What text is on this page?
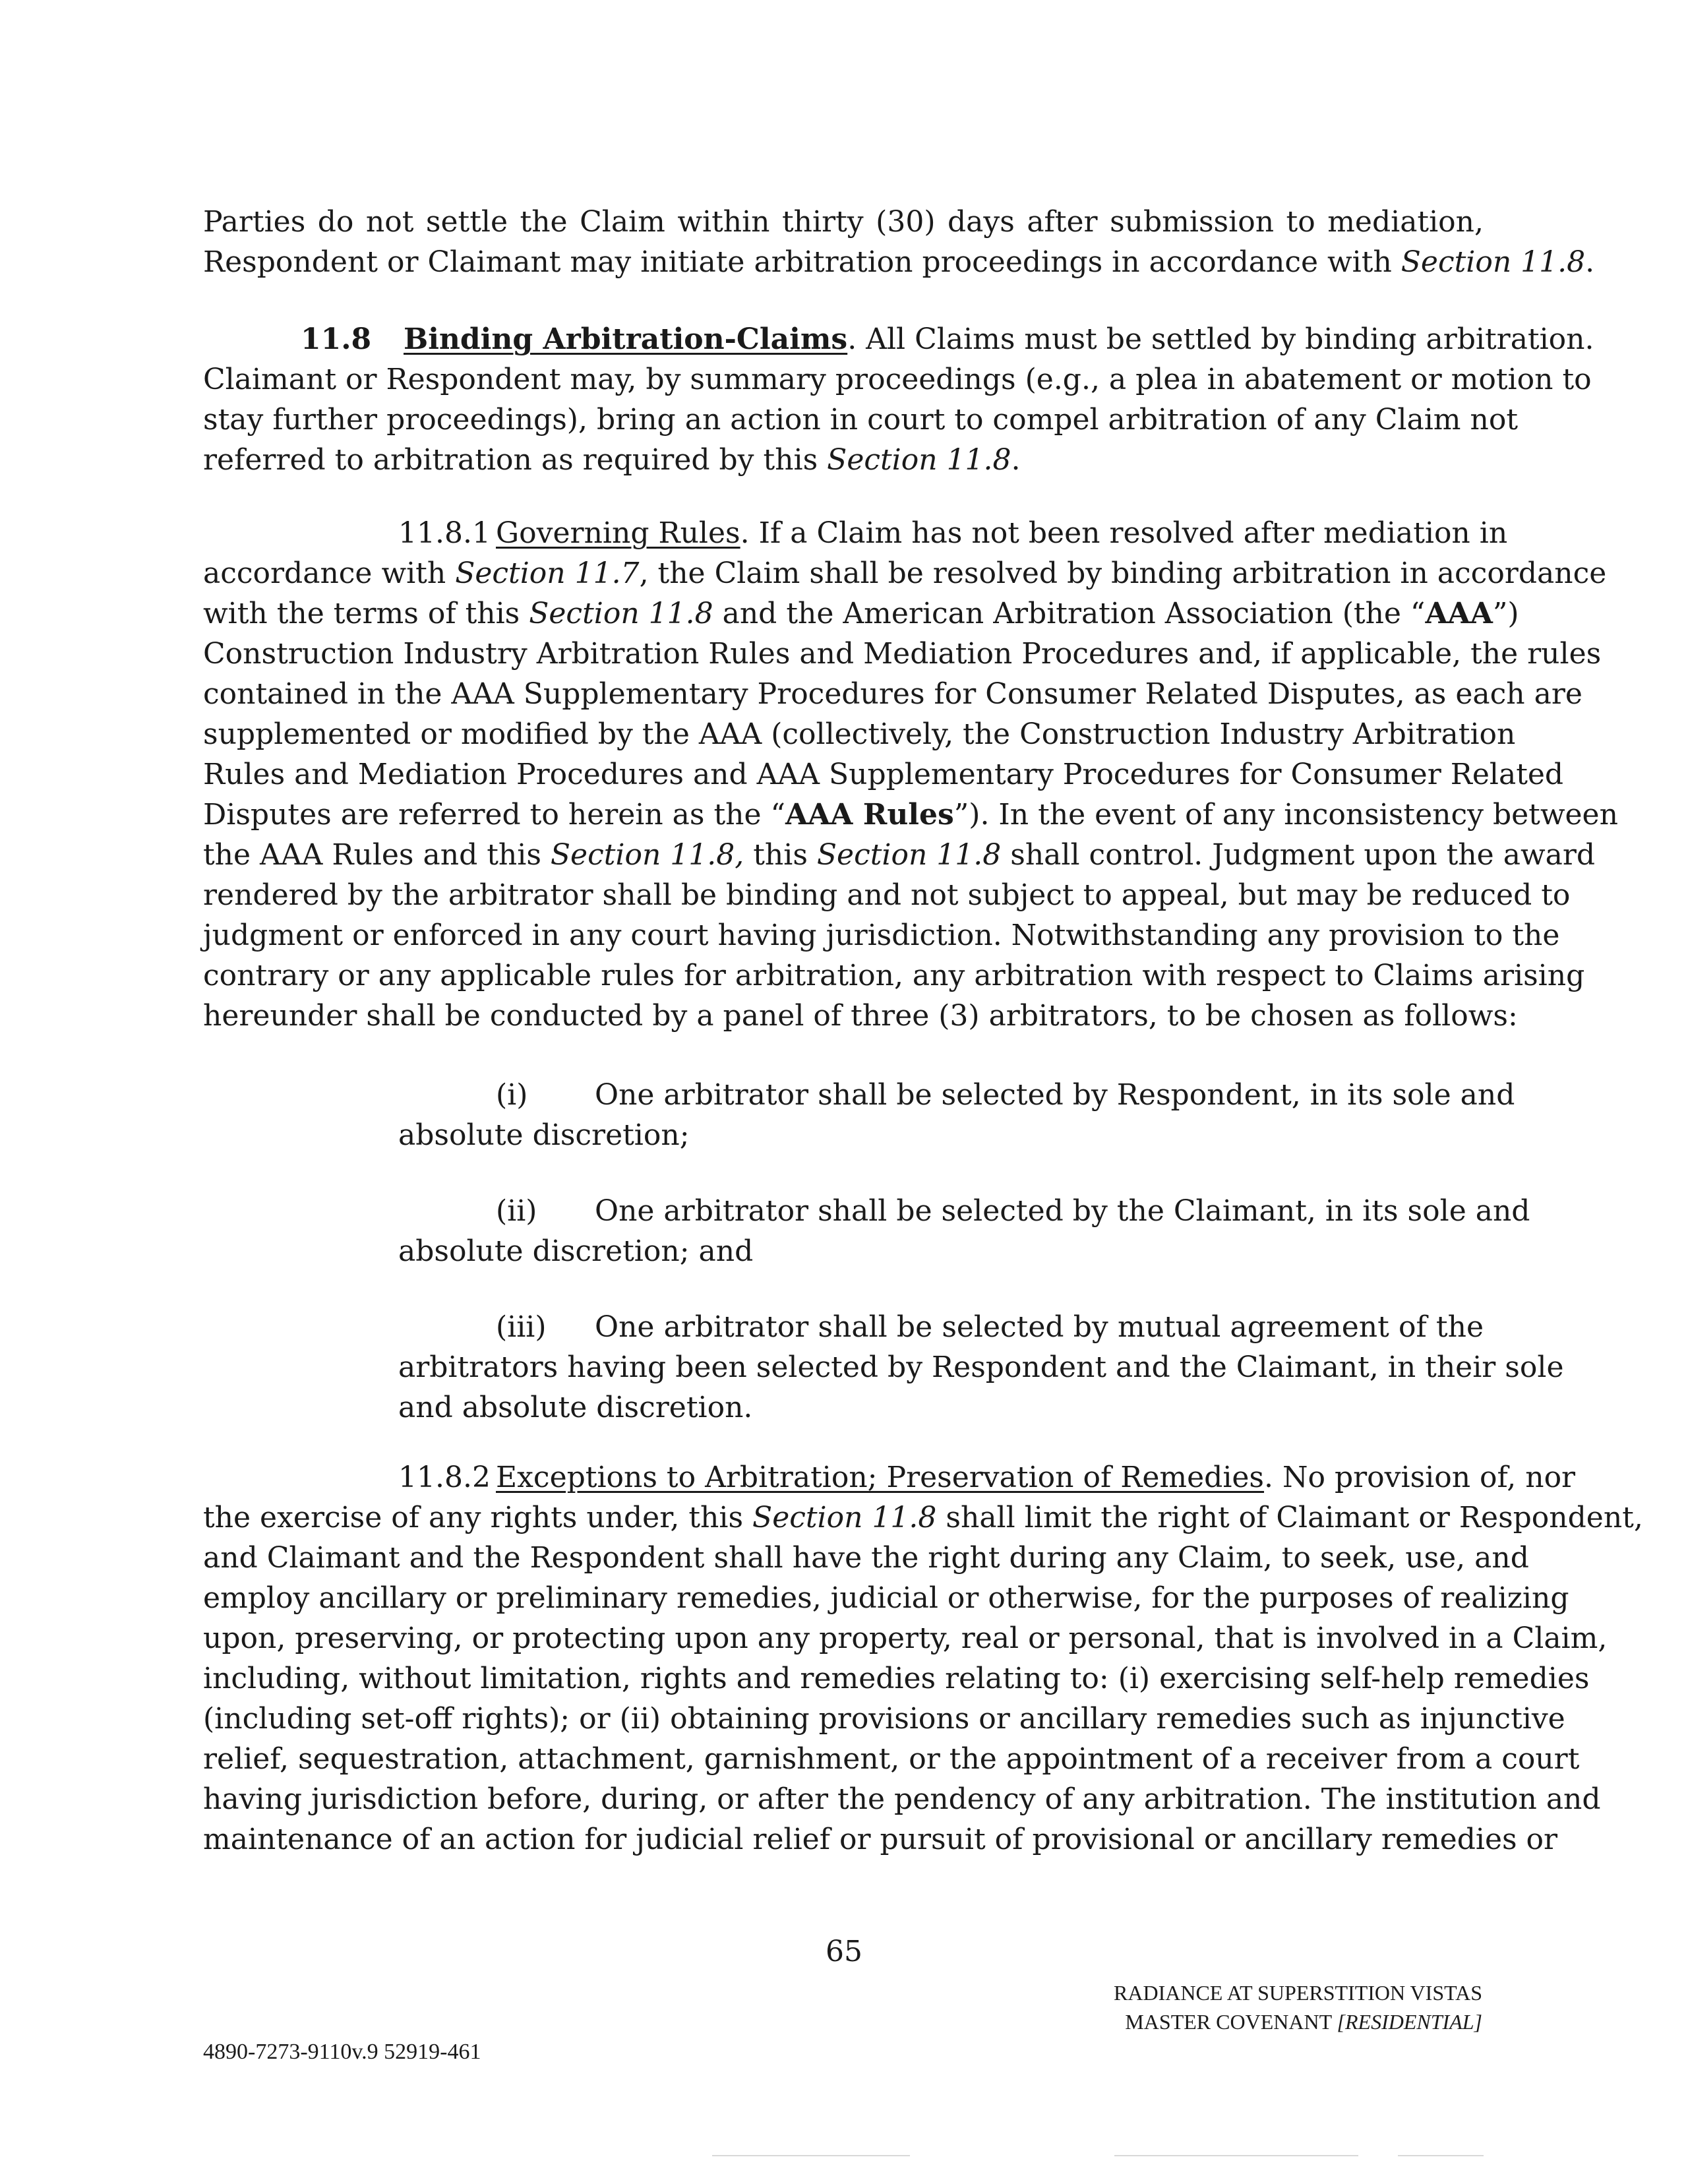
Parties do not settle the Claim within thirty (30) days after submission to mediation,
Respondent or Claimant may initiate arbitration proceedings in accordance with Section 11.8.

11.8 Binding Arbitration-Claims. All Claims must be settled by binding arbitration.
Claimant or Respondent may, by summary proceedings (e.g., a plea in abatement or motion to
stay further proceedings), bring an action in court to compel arbitration of any Claim not
referred to arbitration as required by this Section 11.8.

11.8.1 Governing Rules. If a Claim has not been resolved after mediation in
accordance with Section 11.7, the Claim shall be resolved by binding arbitration in accordance
with the terms of this Section 11.8 and the American Arbitration Association (the “AAA”)
Construction Industry Arbitration Rules and Mediation Procedures and, if applicable, the rules
contained in the AAA Supplementary Procedures for Consumer Related Disputes, as each are
supplemented or modified by the AAA (collectively, the Construction Industry Arbitration
Rules and Mediation Procedures and AAA Supplementary Procedures for Consumer Related
Disputes are referred to herein as the “AAA Rules”). In the event of any inconsistency between
the AAA Rules and this Section 11.8, this Section 11.8 shall control. Judgment upon the award
rendered by the arbitrator shall be binding and not subject to appeal, but may be reduced to
judgment or enforced in any court having jurisdiction. Notwithstanding any provision to the
contrary or any applicable rules for arbitration, any arbitration with respect to Claims arising
hereunder shall be conducted by a panel of three (3) arbitrators, to be chosen as follows:

(i) One arbitrator shall be selected by Respondent, in its sole and
absolute discretion;

(ii) One arbitrator shall be selected by the Claimant, in its sole and
absolute discretion; and

(iii) One arbitrator shall be selected by mutual agreement of the
arbitrators having been selected by Respondent and the Claimant, in their sole
and absolute discretion.

11.8.2 Exceptions to Arbitration; Preservation of Remedies. No provision of, nor
the exercise of any rights under, this Section 11.8 shall limit the right of Claimant or Respondent,
and Claimant and the Respondent shall have the right during any Claim, to seek, use, and
employ ancillary or preliminary remedies, judicial or otherwise, for the purposes of realizing
upon, preserving, or protecting upon any property, real or personal, that is involved in a Claim,
including, without limitation, rights and remedies relating to: (i) exercising self-help remedies
(including set-off rights); or (ii) obtaining provisions or ancillary remedies such as injunctive
relief, sequestration, attachment, garnishment, or the appointment of a receiver from a court
having jurisdiction before, during, or after the pendency of any arbitration. The institution and
maintenance of an action for judicial relief or pursuit of provisional or ancillary remedies or

65
RADIANCE AT SUPERSTITION VISTAS
MASTER COVENANT [RESIDENTIAL]
4890-7273-9110v.9 52919-461
